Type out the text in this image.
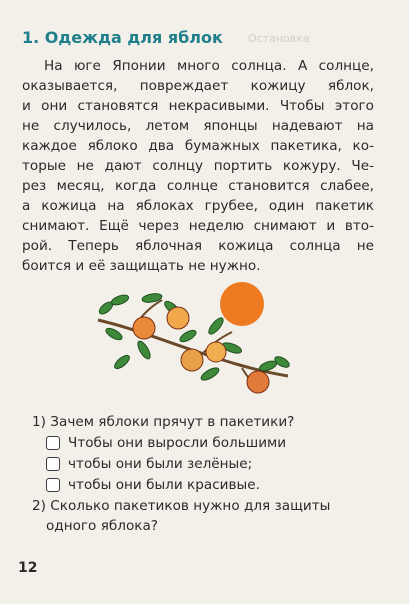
1. Одежда для яблок Остановка
На юге Японии много солнца. А солнце,
оказывается, повреждает кожицу яблок,
и они становятся некрасивыми. Чтобы этого
не случилось, летом японцы надевают на
каждое яблоко два бумажных пакетика, ко-
торые не дают солнцу портить кожуру. Че-
рез месяц, когда солнце становится слабее,
а кожица на яблоках грубее, один пакетик
снимают. Ещё через неделю снимают и вто-
рой. Теперь яблочная кожица солнца не
боится и её защищать не нужно.
1) Зачем яблоки прячут в пакетики?
Чтобы они выросли большими
чтобы они были зелёные;
чтобы они были красивые.
2) Сколько пакетиков нужно для защиты
одного яблока?
12
